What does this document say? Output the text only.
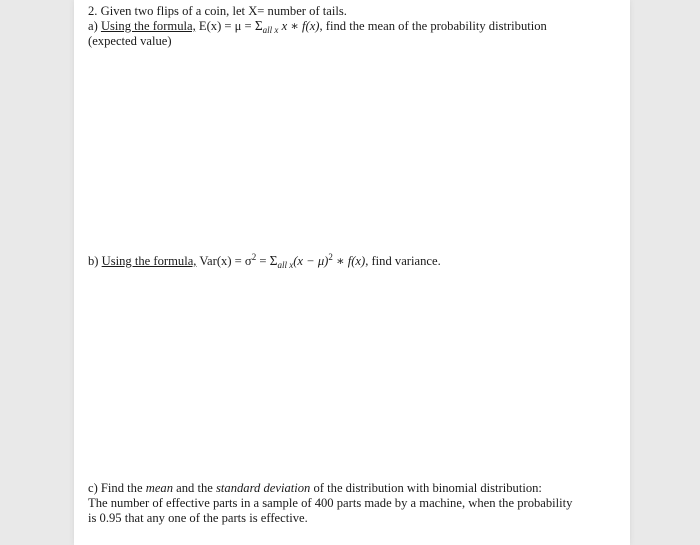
2. Given two flips of a coin, let X= number of tails.
a) Using the formula, $E(x) = \mu = \Sigma_{all x}$ x ∗ f(x), find the mean of the probability distribution
(expected value)
b) Using the formula, $Var(x) = \sigma^2 = \Sigma_{all x}(x - \mu)^2$ ∗ f(x), find variance.
c) Find the mean and the standard deviation of the distribution with binomial distribution:
The number of effective parts in a sample of 400 parts made by a machine, when the probability
is 0.95 that any one of the parts is effective.
